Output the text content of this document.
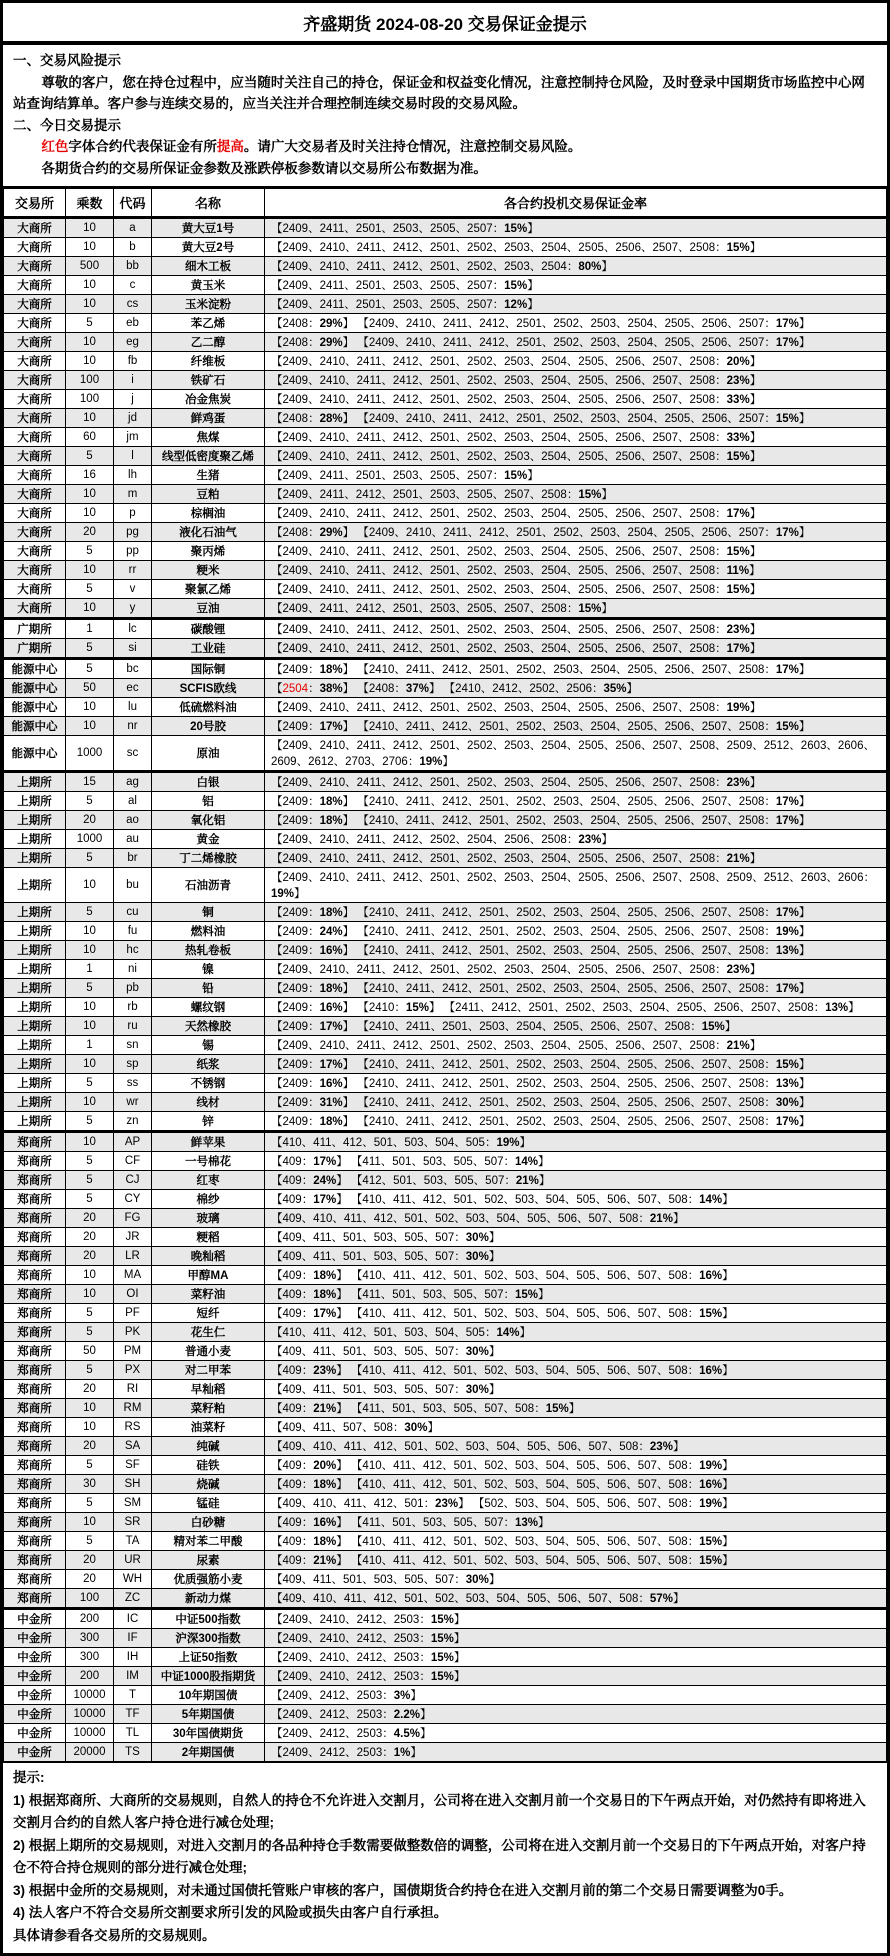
齐盛期货 2024-08-20 交易保证金提示
一、交易风险提示
尊敬的客户，您在持仓过程中，应当随时关注自己的持仓，保证金和权益变化情况，注意控制持仓风险，及时登录中国期货市场监控中心网站查询结算单。客户参与连续交易的，应当关注并合理控制连续交易时段的交易风险。
二、今日交易提示
红色字体合约代表保证金有所提高。请广大交易者及时关注持仓情况，注意控制交易风险。
各期货合约的交易所保证金参数及涨跌停板参数请以交易所公布数据为准。
交易所	乘数	代码	名称	各合约投机交易保证金率
大商所	10	a	黄大豆1号	【2409、2411、2501、2503、2505、2507：15%】
大商所	10	b	黄大豆2号	【2409、2410、2411、2412、2501、2502、2503、2504、2505、2506、2507、2508：15%】
大商所	500	bb	细木工板	【2409、2410、2411、2412、2501、2502、2503、2504：80%】
大商所	10	c	黄玉米	【2409、2411、2501、2503、2505、2507：15%】
大商所	10	cs	玉米淀粉	【2409、2411、2501、2503、2505、2507：12%】
大商所	5	eb	苯乙烯	【2408：29%】 【2409、2410、2411、2412、2501、2502、2503、2504、2505、2506、2507：17%】
大商所	10	eg	乙二醇	【2408：29%】 【2409、2410、2411、2412、2501、2502、2503、2504、2505、2506、2507：17%】
大商所	10	fb	纤维板	【2409、2410、2411、2412、2501、2502、2503、2504、2505、2506、2507、2508：20%】
大商所	100	i	铁矿石	【2409、2410、2411、2412、2501、2502、2503、2504、2505、2506、2507、2508：23%】
大商所	100	j	冶金焦炭	【2409、2410、2411、2412、2501、2502、2503、2504、2505、2506、2507、2508：33%】
大商所	10	jd	鲜鸡蛋	【2408：28%】 【2409、2410、2411、2412、2501、2502、2503、2504、2505、2506、2507：15%】
大商所	60	jm	焦煤	【2409、2410、2411、2412、2501、2502、2503、2504、2505、2506、2507、2508：33%】
大商所	5	l	线型低密度聚乙烯	【2409、2410、2411、2412、2501、2502、2503、2504、2505、2506、2507、2508：15%】
大商所	16	lh	生猪	【2409、2411、2501、2503、2505、2507：15%】
大商所	10	m	豆粕	【2409、2411、2412、2501、2503、2505、2507、2508：15%】
大商所	10	p	棕榈油	【2409、2410、2411、2412、2501、2502、2503、2504、2505、2506、2507、2508：17%】
大商所	20	pg	液化石油气	【2408：29%】 【2409、2410、2411、2412、2501、2502、2503、2504、2505、2506、2507：17%】
大商所	5	pp	聚丙烯	【2409、2410、2411、2412、2501、2502、2503、2504、2505、2506、2507、2508：15%】
大商所	10	rr	粳米	【2409、2410、2411、2412、2501、2502、2503、2504、2505、2506、2507、2508：11%】
大商所	5	v	聚氯乙烯	【2409、2410、2411、2412、2501、2502、2503、2504、2505、2506、2507、2508：15%】
大商所	10	y	豆油	【2409、2411、2412、2501、2503、2505、2507、2508：15%】
广期所	1	lc	碳酸锂	【2409、2410、2411、2412、2501、2502、2503、2504、2505、2506、2507、2508：23%】
广期所	5	si	工业硅	【2409、2410、2411、2412、2501、2502、2503、2504、2505、2506、2507、2508：17%】
能源中心	5	bc	国际铜	【2409：18%】 【2410、2411、2412、2501、2502、2503、2504、2505、2506、2507、2508：17%】
能源中心	50	ec	SCFIS欧线	【2504：38%】 【2408：37%】 【2410、2412、2502、2506：35%】
能源中心	10	lu	低硫燃料油	【2409、2410、2411、2412、2501、2502、2503、2504、2505、2506、2507、2508：19%】
能源中心	10	nr	20号胶	【2409：17%】 【2410、2411、2412、2501、2502、2503、2504、2505、2506、2507、2508：15%】
能源中心	1000	sc	原油	【2409、2410、2411、2412、2501、2502、2503、2504、2505、2506、2507、2508、2509、2512、2603、2606、2609、2612、2703、2706：19%】
上期所	15	ag	白银	【2409、2410、2411、2412、2501、2502、2503、2504、2505、2506、2507、2508：23%】
上期所	5	al	铝	【2409：18%】 【2410、2411、2412、2501、2502、2503、2504、2505、2506、2507、2508：17%】
上期所	20	ao	氧化铝	【2409：18%】 【2410、2411、2412、2501、2502、2503、2504、2505、2506、2507、2508：17%】
上期所	1000	au	黄金	【2409、2410、2411、2412、2502、2504、2506、2508：23%】
上期所	5	br	丁二烯橡胶	【2409、2410、2411、2412、2501、2502、2503、2504、2505、2506、2507、2508：21%】
上期所	10	bu	石油沥青	【2409、2410、2411、2412、2501、2502、2503、2504、2505、2506、2507、2508、2509、2512、2603、2606：19%】
上期所	5	cu	铜	【2409：18%】 【2410、2411、2412、2501、2502、2503、2504、2505、2506、2507、2508：17%】
上期所	10	fu	燃料油	【2409：24%】 【2410、2411、2412、2501、2502、2503、2504、2505、2506、2507、2508：19%】
上期所	10	hc	热轧卷板	【2409：16%】 【2410、2411、2412、2501、2502、2503、2504、2505、2506、2507、2508：13%】
上期所	1	ni	镍	【2409、2410、2411、2412、2501、2502、2503、2504、2505、2506、2507、2508：23%】
上期所	5	pb	铅	【2409：18%】 【2410、2411、2412、2501、2502、2503、2504、2505、2506、2507、2508：17%】
上期所	10	rb	螺纹钢	【2409：16%】 【2410：15%】 【2411、2412、2501、2502、2503、2504、2505、2506、2507、2508：13%】
上期所	10	ru	天然橡胶	【2409：17%】 【2410、2411、2501、2503、2504、2505、2506、2507、2508：15%】
上期所	1	sn	锡	【2409、2410、2411、2412、2501、2502、2503、2504、2505、2506、2507、2508：21%】
上期所	10	sp	纸浆	【2409：17%】 【2410、2411、2412、2501、2502、2503、2504、2505、2506、2507、2508：15%】
上期所	5	ss	不锈钢	【2409：16%】 【2410、2411、2412、2501、2502、2503、2504、2505、2506、2507、2508：13%】
上期所	10	wr	线材	【2409：31%】 【2410、2411、2412、2501、2502、2503、2504、2505、2506、2507、2508：30%】
上期所	5	zn	锌	【2409：18%】 【2410、2411、2412、2501、2502、2503、2504、2505、2506、2507、2508：17%】
郑商所	10	AP	鲜苹果	【410、411、412、501、503、504、505：19%】
郑商所	5	CF	一号棉花	【409：17%】 【411、501、503、505、507：14%】
郑商所	5	CJ	红枣	【409：24%】 【412、501、503、505、507：21%】
郑商所	5	CY	棉纱	【409：17%】 【410、411、412、501、502、503、504、505、506、507、508：14%】
郑商所	20	FG	玻璃	【409、410、411、412、501、502、503、504、505、506、507、508：21%】
郑商所	20	JR	粳稻	【409、411、501、503、505、507：30%】
郑商所	20	LR	晚籼稻	【409、411、501、503、505、507：30%】
郑商所	10	MA	甲醇MA	【409：18%】 【410、411、412、501、502、503、504、505、506、507、508：16%】
郑商所	10	OI	菜籽油	【409：18%】 【411、501、503、505、507：15%】
郑商所	5	PF	短纤	【409：17%】 【410、411、412、501、502、503、504、505、506、507、508：15%】
郑商所	5	PK	花生仁	【410、411、412、501、503、504、505：14%】
郑商所	50	PM	普通小麦	【409、411、501、503、505、507：30%】
郑商所	5	PX	对二甲苯	【409：23%】 【410、411、412、501、502、503、504、505、506、507、508：16%】
郑商所	20	RI	早籼稻	【409、411、501、503、505、507：30%】
郑商所	10	RM	菜籽粕	【409：21%】 【411、501、503、505、507、508：15%】
郑商所	10	RS	油菜籽	【409、411、507、508：30%】
郑商所	20	SA	纯碱	【409、410、411、412、501、502、503、504、505、506、507、508：23%】
郑商所	5	SF	硅铁	【409：20%】 【410、411、412、501、502、503、504、505、506、507、508：19%】
郑商所	30	SH	烧碱	【409：18%】 【410、411、412、501、502、503、504、505、506、507、508：16%】
郑商所	5	SM	锰硅	【409、410、411、412、501：23%】 【502、503、504、505、506、507、508：19%】
郑商所	10	SR	白砂糖	【409：16%】 【411、501、503、505、507：13%】
郑商所	5	TA	精对苯二甲酸	【409：18%】 【410、411、412、501、502、503、504、505、506、507、508：15%】
郑商所	20	UR	尿素	【409：21%】 【410、411、412、501、502、503、504、505、506、507、508：15%】
郑商所	20	WH	优质强筋小麦	【409、411、501、503、505、507：30%】
郑商所	100	ZC	新动力煤	【409、410、411、412、501、502、503、504、505、506、507、508：57%】
中金所	200	IC	中证500指数	【2409、2410、2412、2503：15%】
中金所	300	IF	沪深300指数	【2409、2410、2412、2503：15%】
中金所	300	IH	上证50指数	【2409、2410、2412、2503：15%】
中金所	200	IM	中证1000股指期货	【2409、2410、2412、2503：15%】
中金所	10000	T	10年期国债	【2409、2412、2503：3%】
中金所	10000	TF	5年期国债	【2409、2412、2503：2.2%】
中金所	10000	TL	30年国债期货	【2409、2412、2503：4.5%】
中金所	20000	TS	2年期国债	【2409、2412、2503：1%】
提示:
1) 根据郑商所、大商所的交易规则，自然人的持仓不允许进入交割月，公司将在进入交割月前一个交易日的下午两点开始，对仍然持有即将进入交割月合约的自然人客户持仓进行减仓处理;
2) 根据上期所的交易规则，对进入交割月的各品种持仓手数需要做整数倍的调整，公司将在进入交割月前一个交易日的下午两点开始，对客户持仓不符合持仓规则的部分进行减仓处理;
3) 根据中金所的交易规则，对未通过国债托管账户审核的客户，国债期货合约持仓在进入交割月前的第二个交易日需要调整为0手。
4) 法人客户不符合交易所交割要求所引发的风险或损失由客户自行承担。
具体请参看各交易所的交易规则。
